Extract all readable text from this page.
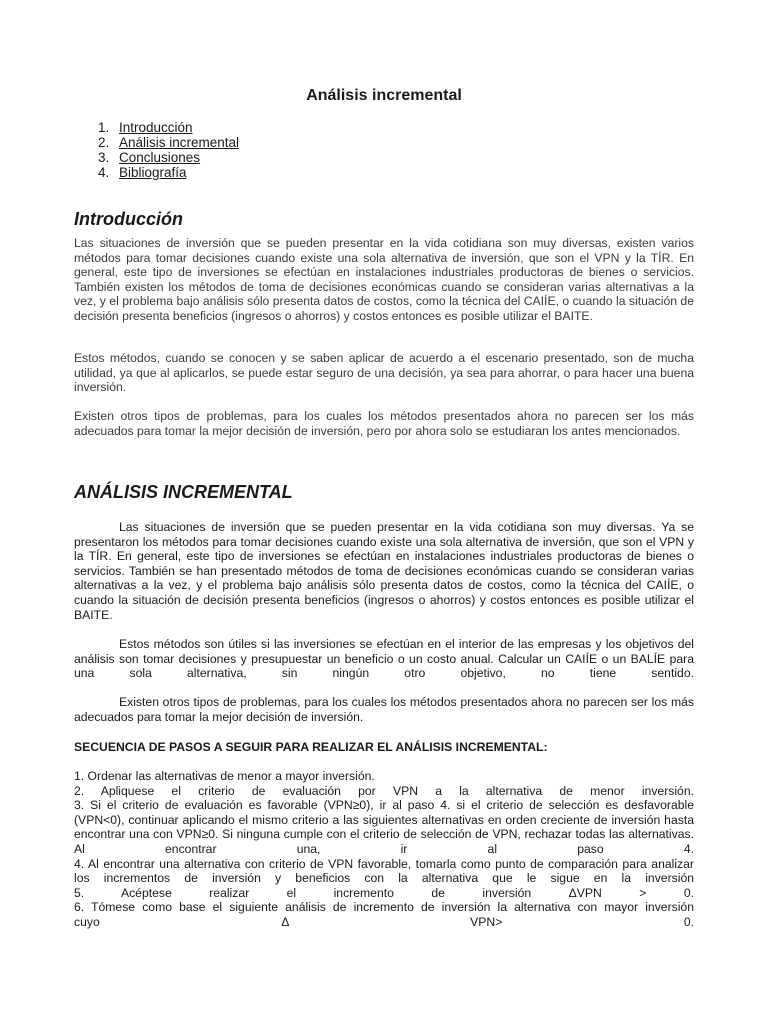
Análisis incremental
1. Introducción
2. Análisis incremental
3. Conclusiones
4. Bibliografía
Introducción

Las situaciones de inversión que se pueden presentar en la vida cotidiana son muy diversas, existen varios métodos para tomar decisiones cuando existe una sola alternativa de inversión, que son el VPN y la TÍR. En general, este tipo de inversiones se efectúan en instalaciones industriales productoras de bienes o servicios. También existen los métodos de toma de decisiones económicas cuando se consideran varias alternativas a la vez, y el problema bajo análisis sólo presenta datos de costos, como la técnica del CAIÍE, o cuando la situación de decisión presenta beneficios (ingresos o ahorros) y costos entonces es posible utilizar el BAITE.

Estos métodos, cuando se conocen y se saben aplicar de acuerdo a el escenario presentado, son de mucha utilidad, ya que al aplicarlos, se puede estar seguro de una decisión, ya sea para ahorrar, o para hacer una buena inversión.

Existen otros tipos de problemas, para los cuales los métodos presentados ahora no parecen ser los más adecuados para tomar la mejor decisión de inversión, pero por ahora solo se estudiaran los antes mencionados.

ANÁLISIS INCREMENTAL

Las situaciones de inversión que se pueden presentar en la vida cotidiana son muy diversas. Ya se presentaron los métodos para tomar decisiones cuando existe una sola alternativa de inversión, que son el VPN y la TÍR. En general, este tipo de inversiones se efectúan en instalaciones industriales productoras de bienes o servicios. También se han presentado métodos de toma de decisiones económicas cuando se consideran varias alternativas a la vez, y el problema bajo análisis sólo presenta datos de costos, como la técnica del CAIÍE, o cuando la situación de decisión presenta beneficios (ingresos o ahorros) y costos entonces es posible utilizar el BAITE.

Estos métodos son útiles si las inversiones se efectúan en el interior de las empresas y los objetivos del análisis son tomar decisiones y presupuestar un beneficio o un costo anual. Calcular un CAIÍE o un BALÍE para una sola alternativa, sin ningún otro objetivo, no tiene sentido.

Existen otros tipos de problemas, para los cuales los métodos presentados ahora no parecen ser los más adecuados para tomar la mejor decisión de inversión.

SECUENCIA DE PASOS A SEGUIR PARA REALIZAR EL ANÁLISIS INCREMENTAL:

1. Ordenar las alternativas de menor a mayor inversión.

2. Apliquese el criterio de evaluación por VPN a la alternativa de menor inversión.

3. Si el criterio de evaluación es favorable (VPN≥0), ir al paso 4. si el criterio de selección es desfavorable (VPN<0), continuar aplicando el mismo criterio a las siguientes alternativas en orden creciente de inversión hasta encontrar una con VPN≥0. Si ninguna cumple con el criterio de selección de VPN, rechazar todas las alternativas. Al encontrar una, ir al paso 4.

4. Al encontrar una alternativa con criterio de VPN favorable, tomarla como punto de comparación para analizar los incrementos de inversión y beneficios con la alternativa que le sigue en la inversión

5. Acéptese realizar el incremento de inversión ΔVPN > 0.

6. Tómese como base el siguiente análisis de incremento de inversión la alternativa con mayor inversión

cuyo Δ VPN> 0.
